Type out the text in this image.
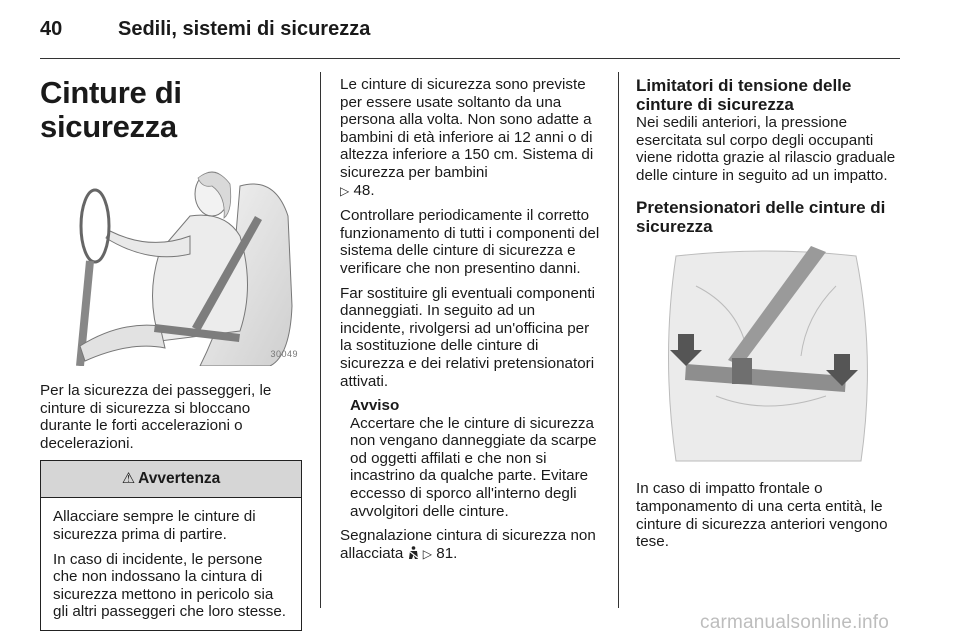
40	Sedili, sistemi di sicurezza
Cinture di sicurezza
30049

Per la sicurezza dei passeggeri, le cinture di sicurezza si bloccano durante le forti accelerazioni o decelerazioni.

⚠ Avvertenza

Allacciare sempre le cinture di sicurezza prima di partire.

In caso di incidente, le persone che non indossano la cintura di sicurezza mettono in pericolo sia gli altri passeggeri che loro stesse.

Le cinture di sicurezza sono previste per essere usate soltanto da una persona alla volta. Non sono adatte a bambini di età inferiore ai 12 anni o di altezza inferiore a 150 cm. Sistema di sicurezza per bambini
▷ 48.

Controllare periodicamente il corretto funzionamento di tutti i componenti del sistema delle cinture di sicurezza e verificare che non presentino danni.

Far sostituire gli eventuali componenti danneggiati. In seguito ad un incidente, rivolgersi ad un'officina per la sostituzione delle cinture di sicurezza e dei relativi pretensionatori attivati.

Avviso

Accertare che le cinture di sicurezza non vengano danneggiate da scarpe od oggetti affilati e che non si incastrino da qualche parte. Evitare eccesso di sporco all'interno degli avvolgitori delle cinture.

Segnalazione cintura di sicurezza non allacciata ▷ 81.

Limitatori di tensione delle cinture di sicurezza

Nei sedili anteriori, la pressione esercitata sul corpo degli occupanti viene ridotta grazie al rilascio graduale delle cinture in seguito ad un impatto.

Pretensionatori delle cinture di sicurezza

In caso di impatto frontale o tamponamento di una certa entità, le cinture di sicurezza anteriori vengono tese.

carmanualsonline.info
